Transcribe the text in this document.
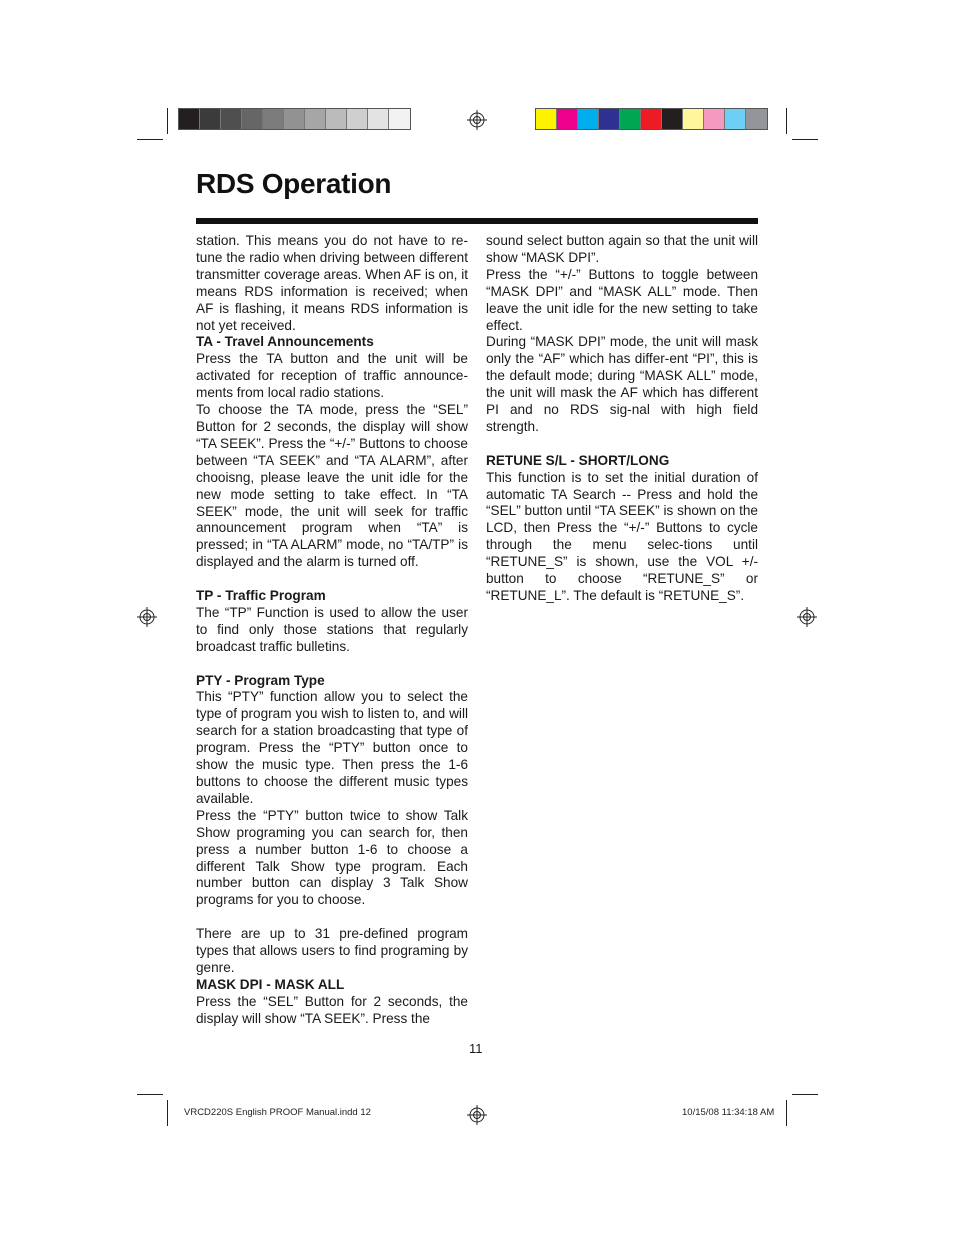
RDS Operation

station. This means you do not have to re-tune the radio when driving between different transmitter coverage areas. When AF is on, it means RDS information is received; when AF is flashing, it means RDS information is not yet received.

TA - Travel Announcements

Press the TA button and the unit will be activated for reception of traffic announce-ments from local radio stations.

To choose the TA mode, press the “SEL” Button for 2 seconds, the display will show “TA SEEK”. Press the “+/-” Buttons to choose between “TA SEEK” and “TA ALARM”, after chooisng, please leave the unit idle for the new mode setting to take effect. In “TA SEEK” mode, the unit will seek for traffic announcement program when “TA” is pressed; in “TA ALARM” mode, no “TA/TP” is displayed and the alarm is turned off.

TP - Traffic Program

The “TP” Function is used to allow the user to find only those stations that regularly broadcast traffic bulletins.

PTY - Program Type

This “PTY” function allow you to select the type of program you wish to listen to, and will search for a station broadcasting that type of program. Press the “PTY” button once to show the music type. Then press the 1-6 buttons to choose the different music types available.

Press the “PTY” button twice to show Talk Show programing you can search for, then press a number button 1-6 to choose a different Talk Show type program. Each number button can display 3 Talk Show programs for you to choose.

There are up to 31 pre-defined program types that allows users to find programing by genre.

MASK DPI - MASK ALL

Press the “SEL” Button for 2 seconds, the display will show “TA SEEK”. Press the

sound select button again so that the unit will show “MASK DPI”.

Press the “+/-” Buttons to toggle between “MASK DPI” and “MASK ALL” mode. Then leave the unit idle for the new setting to take effect.

During “MASK DPI” mode, the unit will mask only the “AF” which has differ-ent “PI”, this is the default mode; during “MASK ALL” mode, the unit will mask the AF which has different PI and no RDS sig-nal with high field strength.

RETUNE S/L - SHORT/LONG

This function is to set the initial duration of automatic TA Search -- Press and hold the “SEL” button until “TA SEEK” is shown on the LCD, then Press the “+/-” Buttons to cycle through the menu selec-tions until “RETUNE_S” is shown, use the VOL +/- button to choose “RETUNE_S” or “RETUNE_L”. The default is “RETUNE_S”.

11
VRCD220S English PROOF Manual.indd 12	10/15/08 11:34:18 AM
